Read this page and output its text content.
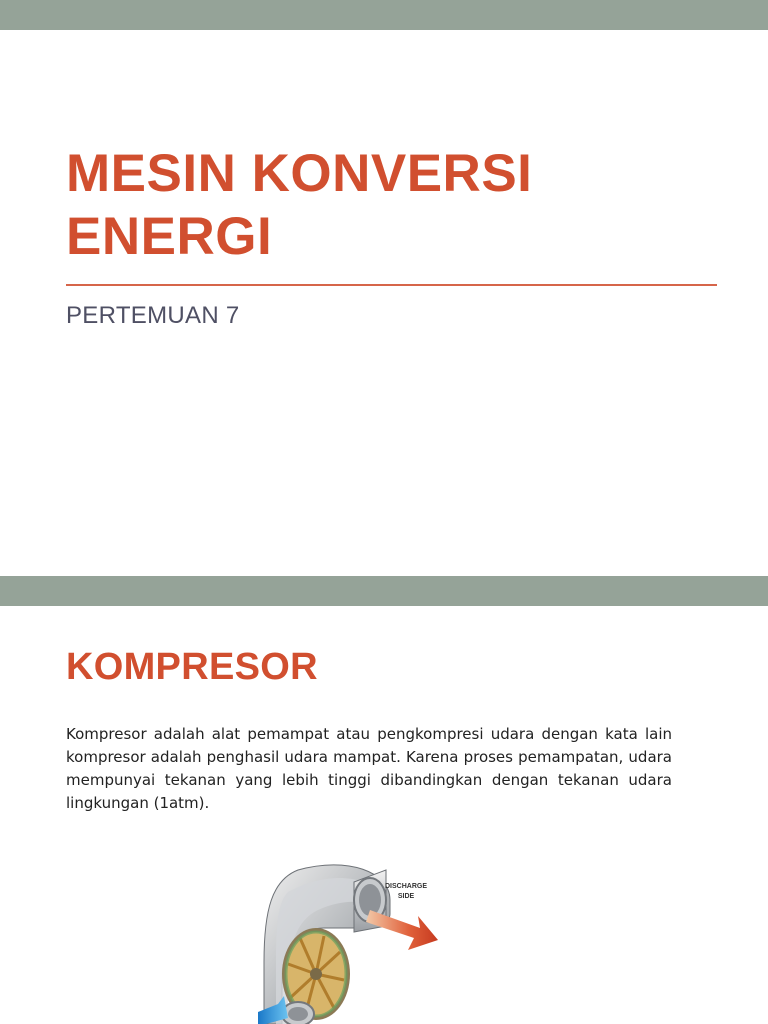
MESIN KONVERSI
ENERGI
PERTEMUAN 7
KOMPRESOR

Kompresor adalah alat pemampat atau pengkompresi udara dengan kata lain kompresor adalah penghasil udara mampat. Karena proses pemampatan, udara mempunyai tekanan yang lebih tinggi dibandingkan dengan tekanan udara lingkungan (1atm).

DISCHARGE
SIDE
